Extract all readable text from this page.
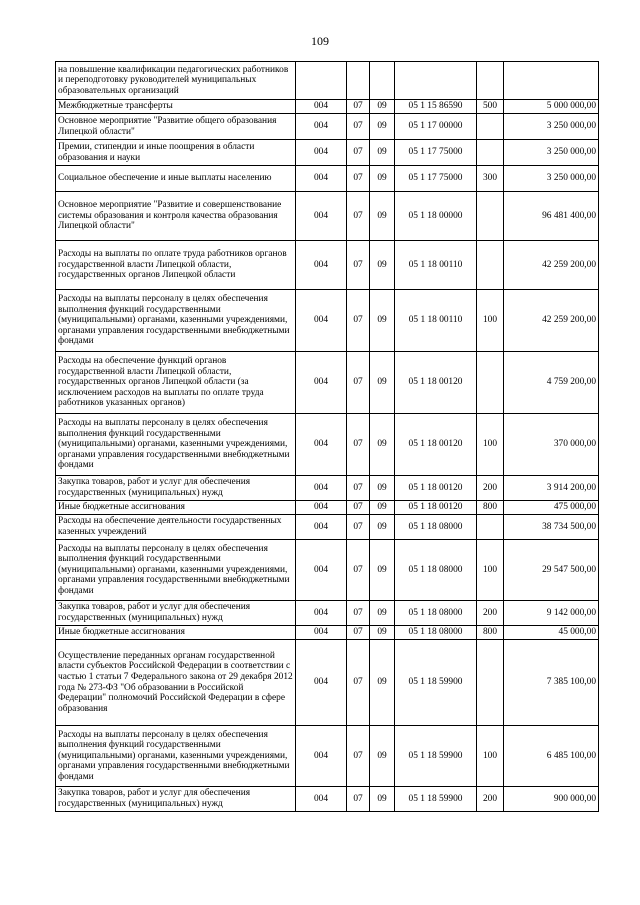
109
на повышение квалификации педагогических работников и переподготовку руководителей муниципальных образовательных организаций						
Межбюджетные трансферты	004	07	09	05 1 15 86590	500	5 000 000,00
Основное мероприятие "Развитие общего образования Липецкой области"	004	07	09	05 1 17 00000		3 250 000,00
Премии, стипендии и иные поощрения в области образования и науки	004	07	09	05 1 17 75000		3 250 000,00
Социальное обеспечение и иные выплаты населению	004	07	09	05 1 17 75000	300	3 250 000,00
Основное мероприятие "Развитие и совершенствование системы образования и контроля качества образования Липецкой области"	004	07	09	05 1 18 00000		96 481 400,00
Расходы на выплаты по оплате труда работников органов государственной власти Липецкой области, государственных органов Липецкой области	004	07	09	05 1 18 00110		42 259 200,00
Расходы на выплаты персоналу в целях обеспечения выполнения функций государственными (муниципальными) органами, казенными учреждениями, органами управления государственными внебюджетными фондами	004	07	09	05 1 18 00110	100	42 259 200,00
Расходы на обеспечение функций органов государственной власти Липецкой области, государственных органов Липецкой области (за исключением расходов на выплаты по оплате труда работников указанных органов)	004	07	09	05 1 18 00120		4 759 200,00
Расходы на выплаты персоналу в целях обеспечения выполнения функций государственными (муниципальными) органами, казенными учреждениями, органами управления государственными внебюджетными фондами	004	07	09	05 1 18 00120	100	370 000,00
Закупка товаров, работ и услуг для обеспечения государственных (муниципальных) нужд	004	07	09	05 1 18 00120	200	3 914 200,00
Иные бюджетные ассигнования	004	07	09	05 1 18 00120	800	475 000,00
Расходы на обеспечение деятельности государственных казенных учреждений	004	07	09	05 1 18 08000		38 734 500,00
Расходы на выплаты персоналу в целях обеспечения выполнения функций государственными (муниципальными) органами, казенными учреждениями, органами управления государственными внебюджетными фондами	004	07	09	05 1 18 08000	100	29 547 500,00
Закупка товаров, работ и услуг для обеспечения государственных (муниципальных) нужд	004	07	09	05 1 18 08000	200	9 142 000,00
Иные бюджетные ассигнования	004	07	09	05 1 18 08000	800	45 000,00
Осуществление переданных органам государственной власти субъектов Российской Федерации в соответствии с частью 1 статьи 7 Федерального закона от 29 декабря 2012 года № 273-ФЗ "Об образовании в Российской Федерации" полномочий Российской Федерации в сфере образования	004	07	09	05 1 18 59900		7 385 100,00
Расходы на выплаты персоналу в целях обеспечения выполнения функций государственными (муниципальными) органами, казенными учреждениями, органами управления государственными внебюджетными фондами	004	07	09	05 1 18 59900	100	6 485 100,00
Закупка товаров, работ и услуг для обеспечения государственных (муниципальных) нужд	004	07	09	05 1 18 59900	200	900 000,00
